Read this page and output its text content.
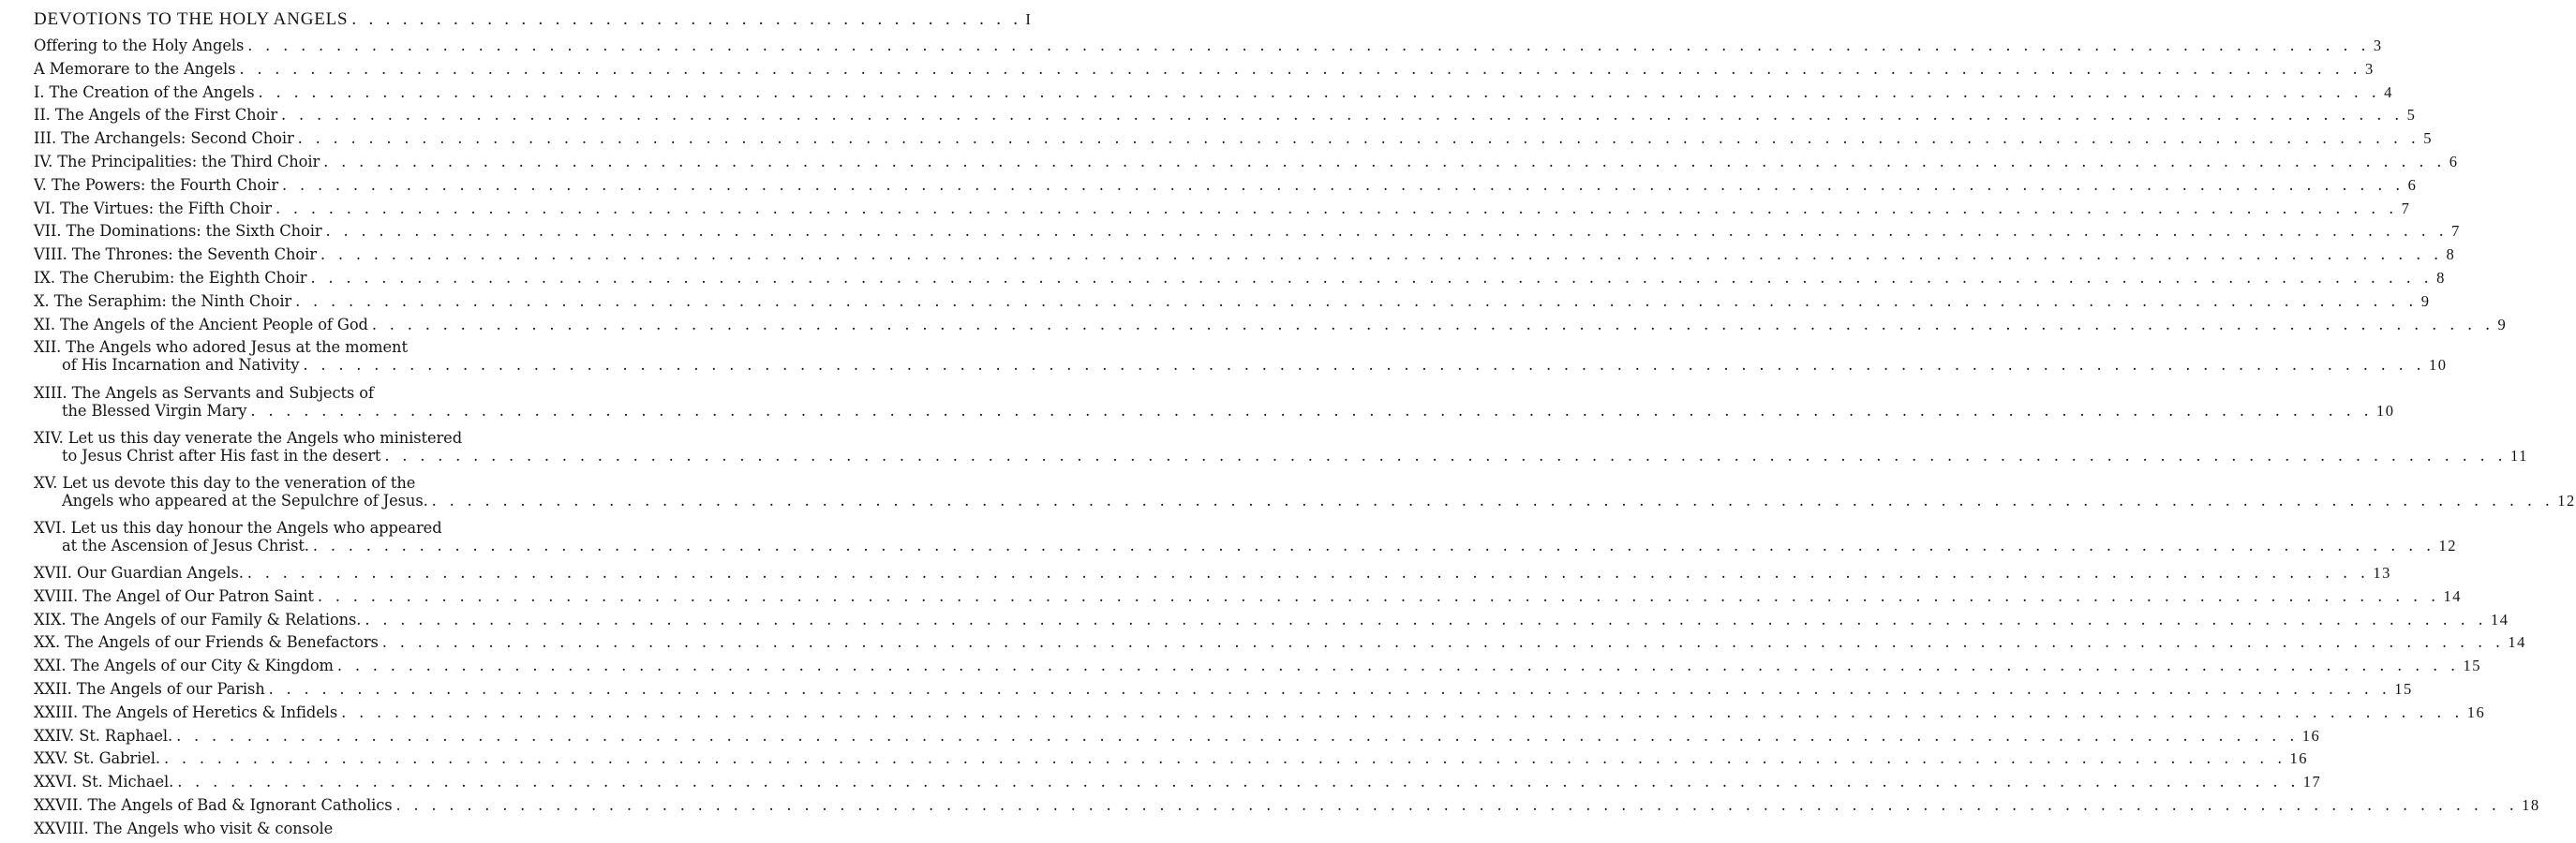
DEVOTIONS TO THE HOLY ANGELS . . . . . . . . . . . . . . . . . . . . . . . . . . . . . . . . . . . . . . . . I
Offering to the Holy Angels . . . . . . . . . . . . . . . . . . . . . . . . . . . . . . . . . . . . . . . . . . . . . . . . . . . . . . . . . . . . . . . . . . . . . . . . . . . . . . . . . . . . . . . . . . . . . . . . . . . . . . . . . . . . . . . . . . . . . . . . 3
A Memorare to the Angels . . . . . . . . . . . . . . . . . . . . . . . . . . . . . . . . . . . . . . . . . . . . . . . . . . . . . . . . . . . . . . . . . . . . . . . . . . . . . . . . . . . . . . . . . . . . . . . . . . . . . . . . . . . . . . . . . . . . . . . . 3
I. The Creation of the Angels . . . . . . . . . . . . . . . . . . . . . . . . . . . . . . . . . . . . . . . . . . . . . . . . . . . . . . . . . . . . . . . . . . . . . . . . . . . . . . . . . . . . . . . . . . . . . . . . . . . . . . . . . . . . . . . . . . . . . . . . 4
II. The Angels of the First Choir . . . . . . . . . . . . . . . . . . . . . . . . . . . . . . . . . . . . . . . . . . . . . . . . . . . . . . . . . . . . . . . . . . . . . . . . . . . . . . . . . . . . . . . . . . . . . . . . . . . . . . . . . . . . . . . . . . . . . . . . 5
III. The Archangels: Second Choir . . . . . . . . . . . . . . . . . . . . . . . . . . . . . . . . . . . . . . . . . . . . . . . . . . . . . . . . . . . . . . . . . . . . . . . . . . . . . . . . . . . . . . . . . . . . . . . . . . . . . . . . . . . . . . . . . . . . . . . . 5
IV. The Principalities: the Third Choir . . . . . . . . . . . . . . . . . . . . . . . . . . . . . . . . . . . . . . . . . . . . . . . . . . . . . . . . . . . . . . . . . . . . . . . . . . . . . . . . . . . . . . . . . . . . . . . . . . . . . . . . . . . . . . . . . . . . . . . . 6
V. The Powers: the Fourth Choir . . . . . . . . . . . . . . . . . . . . . . . . . . . . . . . . . . . . . . . . . . . . . . . . . . . . . . . . . . . . . . . . . . . . . . . . . . . . . . . . . . . . . . . . . . . . . . . . . . . . . . . . . . . . . . . . . . . . . . . . 6
VI. The Virtues: the Fifth Choir . . . . . . . . . . . . . . . . . . . . . . . . . . . . . . . . . . . . . . . . . . . . . . . . . . . . . . . . . . . . . . . . . . . . . . . . . . . . . . . . . . . . . . . . . . . . . . . . . . . . . . . . . . . . . . . . . . . . . . . . 7
VII. The Dominations: the Sixth Choir . . . . . . . . . . . . . . . . . . . . . . . . . . . . . . . . . . . . . . . . . . . . . . . . . . . . . . . . . . . . . . . . . . . . . . . . . . . . . . . . . . . . . . . . . . . . . . . . . . . . . . . . . . . . . . . . . . . . . . . . 7
VIII. The Thrones: the Seventh Choir . . . . . . . . . . . . . . . . . . . . . . . . . . . . . . . . . . . . . . . . . . . . . . . . . . . . . . . . . . . . . . . . . . . . . . . . . . . . . . . . . . . . . . . . . . . . . . . . . . . . . . . . . . . . . . . . . . . . . . . . 8
IX. The Cherubim: the Eighth Choir . . . . . . . . . . . . . . . . . . . . . . . . . . . . . . . . . . . . . . . . . . . . . . . . . . . . . . . . . . . . . . . . . . . . . . . . . . . . . . . . . . . . . . . . . . . . . . . . . . . . . . . . . . . . . . . . . . . . . . . . 8
X. The Seraphim: the Ninth Choir . . . . . . . . . . . . . . . . . . . . . . . . . . . . . . . . . . . . . . . . . . . . . . . . . . . . . . . . . . . . . . . . . . . . . . . . . . . . . . . . . . . . . . . . . . . . . . . . . . . . . . . . . . . . . . . . . . . . . . . . 9
XI. The Angels of the Ancient People of God . . . . . . . . . . . . . . . . . . . . . . . . . . . . . . . . . . . . . . . . . . . . . . . . . . . . . . . . . . . . . . . . . . . . . . . . . . . . . . . . . . . . . . . . . . . . . . . . . . . . . . . . . . . . . . . . . . . . . . . . 9
XII. The Angels who adored Jesus at the moment
of His Incarnation and Nativity . . . . . . . . . . . . . . . . . . . . . . . . . . . . . . . . . . . . . . . . . . . . . . . . . . . . . . . . . . . . . . . . . . . . . . . . . . . . . . . . . . . . . . . . . . . . . . . . . . . . . . . . . . . . . . . . . . . . . . . . 10
XIII. The Angels as Servants and Subjects of
the Blessed Virgin Mary . . . . . . . . . . . . . . . . . . . . . . . . . . . . . . . . . . . . . . . . . . . . . . . . . . . . . . . . . . . . . . . . . . . . . . . . . . . . . . . . . . . . . . . . . . . . . . . . . . . . . . . . . . . . . . . . . . . . . . . . 10
XIV. Let us this day venerate the Angels who ministered
to Jesus Christ after His fast in the desert . . . . . . . . . . . . . . . . . . . . . . . . . . . . . . . . . . . . . . . . . . . . . . . . . . . . . . . . . . . . . . . . . . . . . . . . . . . . . . . . . . . . . . . . . . . . . . . . . . . . . . . . . . . . . . . . . . . . . . . . 11
XV. Let us devote this day to the veneration of the
Angels who appeared at the Sepulchre of Jesus. . . . . . . . . . . . . . . . . . . . . . . . . . . . . . . . . . . . . . . . . . . . . . . . . . . . . . . . . . . . . . . . . . . . . . . . . . . . . . . . . . . . . . . . . . . . . . . . . . . . . . . . . . . . . . . . . . . . . . . . . 12
XVI. Let us this day honour the Angels who appeared
at the Ascension of Jesus Christ. . . . . . . . . . . . . . . . . . . . . . . . . . . . . . . . . . . . . . . . . . . . . . . . . . . . . . . . . . . . . . . . . . . . . . . . . . . . . . . . . . . . . . . . . . . . . . . . . . . . . . . . . . . . . . . . . . . . . . . . . 12
XVII. Our Guardian Angels. . . . . . . . . . . . . . . . . . . . . . . . . . . . . . . . . . . . . . . . . . . . . . . . . . . . . . . . . . . . . . . . . . . . . . . . . . . . . . . . . . . . . . . . . . . . . . . . . . . . . . . . . . . . . . . . . . . . . . . . . 13
XVIII. The Angel of Our Patron Saint . . . . . . . . . . . . . . . . . . . . . . . . . . . . . . . . . . . . . . . . . . . . . . . . . . . . . . . . . . . . . . . . . . . . . . . . . . . . . . . . . . . . . . . . . . . . . . . . . . . . . . . . . . . . . . . . . . . . . . . . 14
XIX. The Angels of our Family & Relations. . . . . . . . . . . . . . . . . . . . . . . . . . . . . . . . . . . . . . . . . . . . . . . . . . . . . . . . . . . . . . . . . . . . . . . . . . . . . . . . . . . . . . . . . . . . . . . . . . . . . . . . . . . . . . . . . . . . . . . . . 14
XX. The Angels of our Friends & Benefactors . . . . . . . . . . . . . . . . . . . . . . . . . . . . . . . . . . . . . . . . . . . . . . . . . . . . . . . . . . . . . . . . . . . . . . . . . . . . . . . . . . . . . . . . . . . . . . . . . . . . . . . . . . . . . . . . . . . . . . . . 14
XXI. The Angels of our City & Kingdom . . . . . . . . . . . . . . . . . . . . . . . . . . . . . . . . . . . . . . . . . . . . . . . . . . . . . . . . . . . . . . . . . . . . . . . . . . . . . . . . . . . . . . . . . . . . . . . . . . . . . . . . . . . . . . . . . . . . . . . . 15
XXII. The Angels of our Parish . . . . . . . . . . . . . . . . . . . . . . . . . . . . . . . . . . . . . . . . . . . . . . . . . . . . . . . . . . . . . . . . . . . . . . . . . . . . . . . . . . . . . . . . . . . . . . . . . . . . . . . . . . . . . . . . . . . . . . . . 15
XXIII. The Angels of Heretics & Infidels . . . . . . . . . . . . . . . . . . . . . . . . . . . . . . . . . . . . . . . . . . . . . . . . . . . . . . . . . . . . . . . . . . . . . . . . . . . . . . . . . . . . . . . . . . . . . . . . . . . . . . . . . . . . . . . . . . . . . . . . 16
XXIV. St. Raphael. . . . . . . . . . . . . . . . . . . . . . . . . . . . . . . . . . . . . . . . . . . . . . . . . . . . . . . . . . . . . . . . . . . . . . . . . . . . . . . . . . . . . . . . . . . . . . . . . . . . . . . . . . . . . . . . . . . . . . . . . 16
XXV. St. Gabriel. . . . . . . . . . . . . . . . . . . . . . . . . . . . . . . . . . . . . . . . . . . . . . . . . . . . . . . . . . . . . . . . . . . . . . . . . . . . . . . . . . . . . . . . . . . . . . . . . . . . . . . . . . . . . . . . . . . . . . . . . 16
XXVI. St. Michael. . . . . . . . . . . . . . . . . . . . . . . . . . . . . . . . . . . . . . . . . . . . . . . . . . . . . . . . . . . . . . . . . . . . . . . . . . . . . . . . . . . . . . . . . . . . . . . . . . . . . . . . . . . . . . . . . . . . . . . . . 17
XXVII. The Angels of Bad & Ignorant Catholics . . . . . . . . . . . . . . . . . . . . . . . . . . . . . . . . . . . . . . . . . . . . . . . . . . . . . . . . . . . . . . . . . . . . . . . . . . . . . . . . . . . . . . . . . . . . . . . . . . . . . . . . . . . . . . . . . . . . . . . . 18
XXVIII. The Angels who visit & console
